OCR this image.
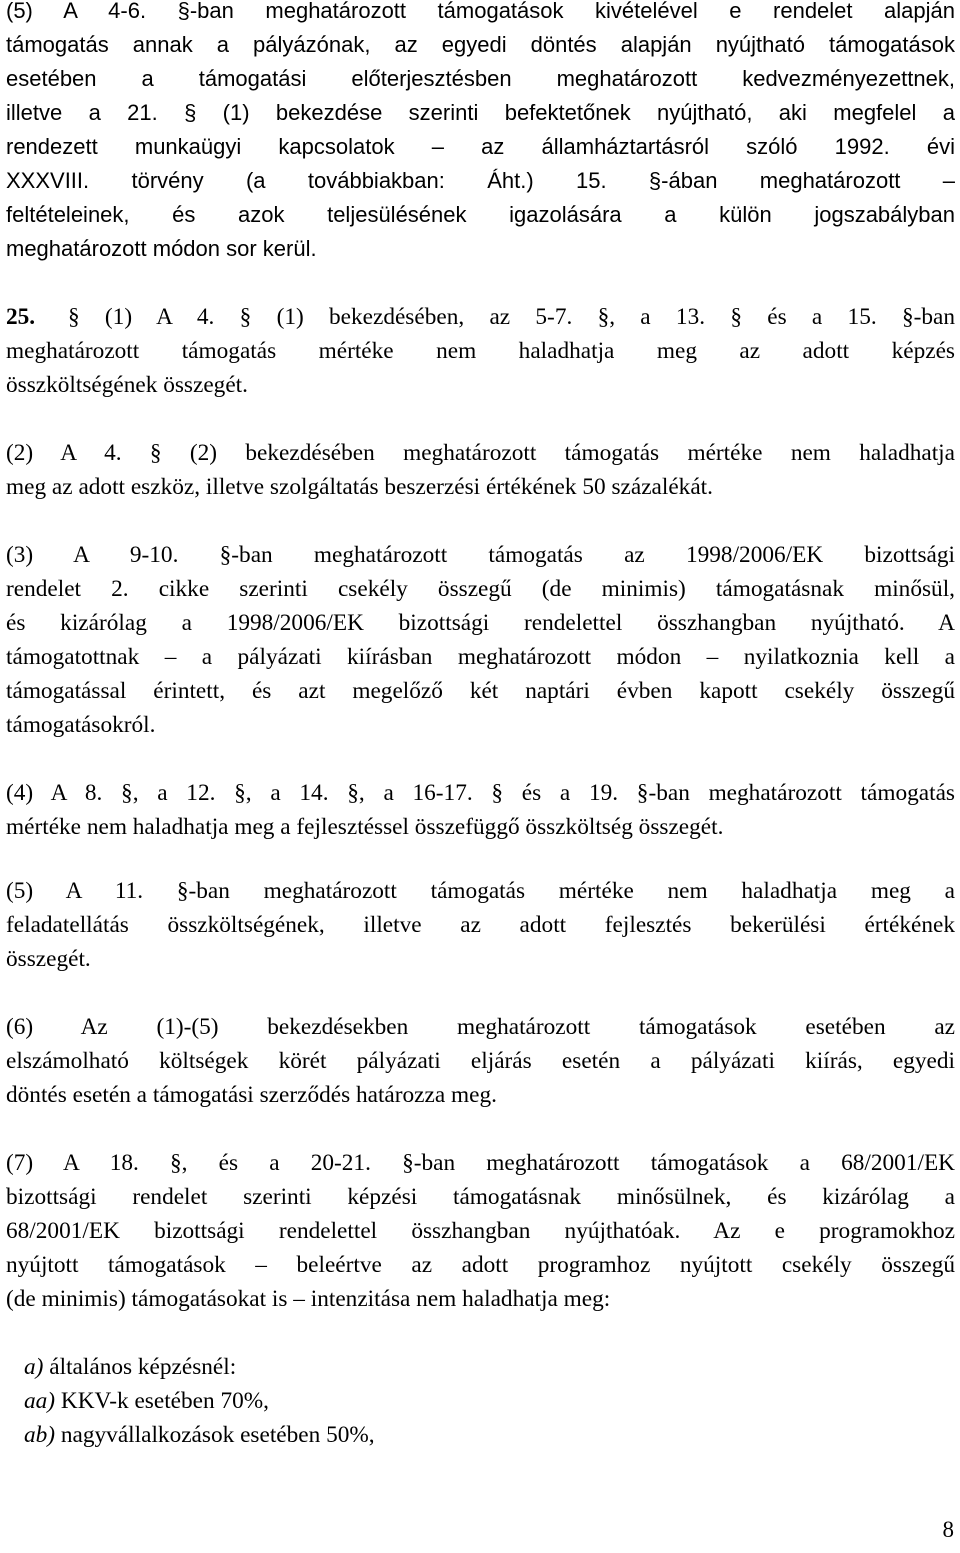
(5) A 4-6. §-ban meghatározott támogatások kivételével e rendelet alapján
támogatás annak a pályázónak, az egyedi döntés alapján nyújtható támogatások
esetében a támogatási előterjesztésben meghatározott kedvezményezettnek,
illetve a 21. § (1) bekezdése szerinti befektetőnek nyújtható, aki megfelel a
rendezett munkaügyi kapcsolatok – az államháztartásról szóló 1992. évi
XXXVIII. törvény (a továbbiakban: Áht.) 15. §-ában meghatározott –
feltételeinek, és azok teljesülésének igazolására a külön jogszabályban
meghatározott módon sor kerül.
25. § (1) A 4. § (1) bekezdésében, az 5-7. §, a 13. § és a 15. §-ban
meghatározott támogatás mértéke nem haladhatja meg az adott képzés
összköltségének összegét.
(2) A 4. § (2) bekezdésében meghatározott támogatás mértéke nem haladhatja
meg az adott eszköz, illetve szolgáltatás beszerzési értékének 50 százalékát.
(3) A 9-10. §-ban meghatározott támogatás az 1998/2006/EK bizottsági
rendelet 2. cikke szerinti csekély összegű (de minimis) támogatásnak minősül,
és kizárólag a 1998/2006/EK bizottsági rendelettel összhangban nyújtható. A
támogatottnak – a pályázati kiírásban meghatározott módon – nyilatkoznia kell a
támogatással érintett, és azt megelőző két naptári évben kapott csekély összegű
támogatásokról.
(4) A 8. §, a 12. §, a 14. §, a 16-17. § és a 19. §-ban meghatározott támogatás
mértéke nem haladhatja meg a fejlesztéssel összefüggő összköltség összegét.
(5) A 11. §-ban meghatározott támogatás mértéke nem haladhatja meg a
feladatellátás összköltségének, illetve az adott fejlesztés bekerülési értékének
összegét.
(6) Az (1)-(5) bekezdésekben meghatározott támogatások esetében az
elszámolható költségek körét pályázati eljárás esetén a pályázati kiírás, egyedi
döntés esetén a támogatási szerződés határozza meg.
(7) A 18. §, és a 20-21. §-ban meghatározott támogatások a 68/2001/EK
bizottsági rendelet szerinti képzési támogatásnak minősülnek, és kizárólag a
68/2001/EK bizottsági rendelettel összhangban nyújthatóak. Az e programokhoz
nyújtott támogatások – beleértve az adott programhoz nyújtott csekély összegű
(de minimis) támogatásokat is – intenzitása nem haladhatja meg:
a) általános képzésnél:
aa) KKV-k esetében 70%,
ab) nagyvállalkozások esetében 50%,
8
